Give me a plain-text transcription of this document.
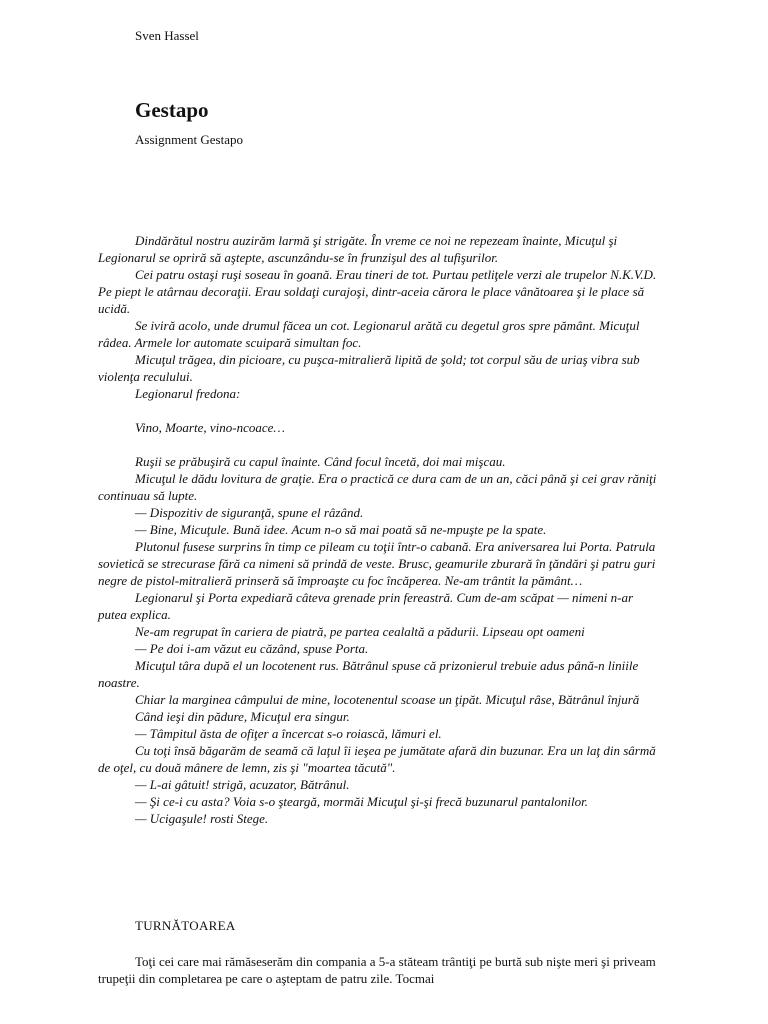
Sven Hassel
Gestapo
Assignment Gestapo

Dindărătul nostru auzirăm larmă şi strigăte. În vreme ce noi ne repezeam înainte, Micuţul şi Legionarul se opriră să aştepte, ascunzându-se în frunzişul des al tufişurilor.

Cei patru ostaşi ruşi soseau în goană. Erau tineri de tot. Purtau petliţele verzi ale trupelor N.K.V.D. Pe piept le atârnau decoraţii. Erau soldaţi curajoşi, dintr-aceia cărora le place vânătoarea şi le place să ucidă.

Se iviră acolo, unde drumul făcea un cot. Legionarul arătă cu degetul gros spre pământ. Micuţul râdea. Armele lor automate scuipară simultan foc.

Micuţul trăgea, din picioare, cu puşca-mitralieră lipită de şold; tot corpul său de uriaş vibra sub violenţa reculului.

Legionarul fredona:

Vino, Moarte, vino-ncoace…

Ruşii se prăbuşiră cu capul înainte. Când focul încetă, doi mai mişcau.

Micuţul le dădu lovitura de graţie. Era o practică ce dura cam de un an, căci până şi cei grav răniţi continuau să lupte.

— Dispozitiv de siguranţă, spune el râzând.

— Bine, Micuţule. Bună idee. Acum n-o să mai poată să ne-mpuşte pe la spate.

Plutonul fusese surprins în timp ce pileam cu toţii într-o cabană. Era aniversarea lui Porta. Patrula sovietică se strecurase fără ca nimeni să prindă de veste. Brusc, geamurile zburară în ţăndări şi patru guri negre de pistol-mitralieră prinseră să împroaşte cu foc încăperea. Ne-am trântit la pământ…

Legionarul şi Porta expediară câteva grenade prin fereastră. Cum de-am scăpat — nimeni n-ar putea explica.

Ne-am regrupat în cariera de piatră, pe partea cealaltă a pădurii. Lipseau opt oameni

— Pe doi i-am văzut eu căzând, spuse Porta.

Micuţul târa după el un locotenent rus. Bătrânul spuse că prizonierul trebuie adus până-n liniile noastre.

Chiar la marginea câmpului de mine, locotenentul scoase un ţipăt. Micuţul râse, Bătrânul înjură

Când ieşi din pădure, Micuţul era singur.

— Tâmpitul ăsta de ofiţer a încercat s-o roiască, lămuri el.

Cu toţi însă băgarăm de seamă că laţul îi ieşea pe jumătate afară din buzunar. Era un laţ din sârmă de oţel, cu două mânere de lemn, zis şi "moartea tăcută".

— L-ai gâtuit! strigă, acuzator, Bătrânul.

— Şi ce-i cu asta? Voia s-o şteargă, mormăi Micuţul şi-şi frecă buzunarul pantalonilor.

— Ucigaşule! rosti Stege.

TURNĂTOAREA

Toţi cei care mai rămăseserăm din compania a 5-a stăteam trântiţi pe burtă sub nişte meri şi priveam trupeţii din completarea pe care o aşteptam de patru zile. Tocmai
